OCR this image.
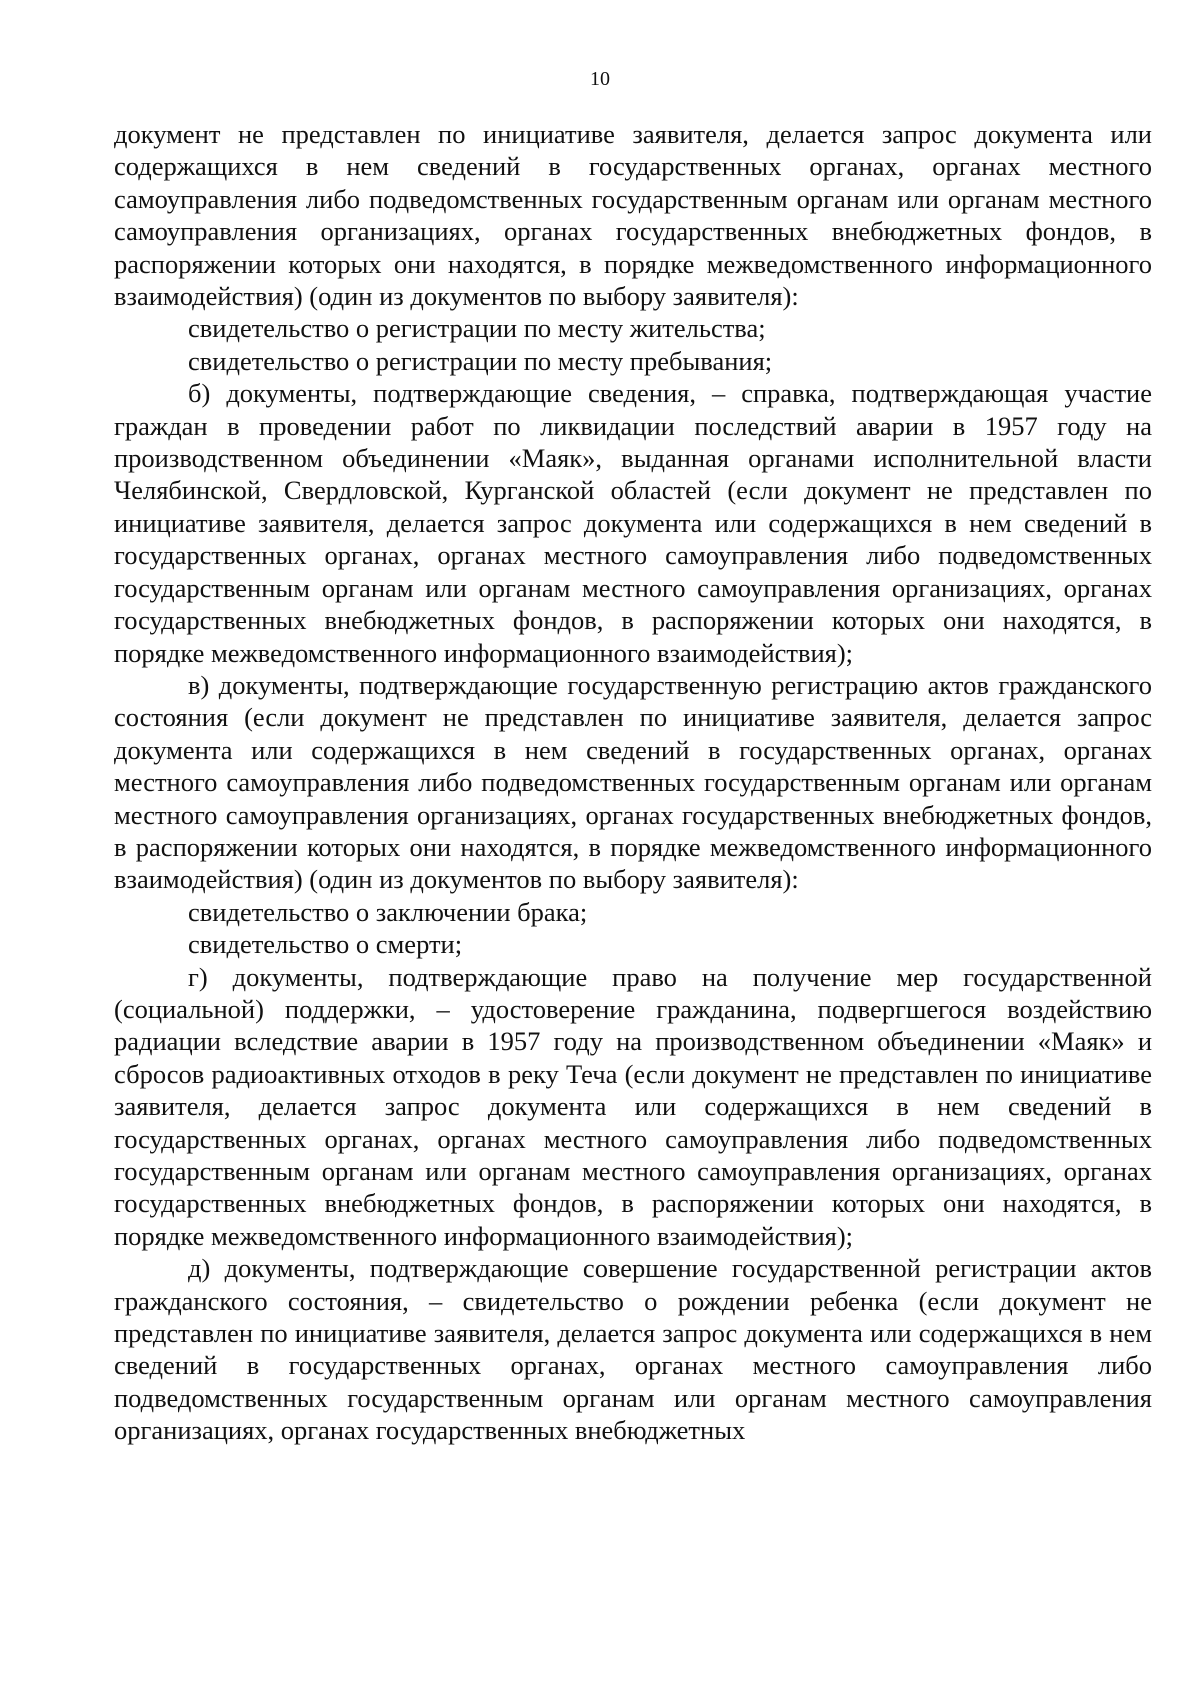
10

документ не представлен по инициативе заявителя, делается запрос документа или содержащихся в нем сведений в государственных органах, органах местного самоуправления либо подведомственных государственным органам или органам местного самоуправления организациях, органах государственных внебюджетных фондов, в распоряжении которых они находятся, в порядке межведомственного информационного взаимодействия) (один из документов по выбору заявителя):

свидетельство о регистрации по месту жительства;

свидетельство о регистрации по месту пребывания;

б) документы, подтверждающие сведения, – справка, подтверждающая участие граждан в проведении работ по ликвидации последствий аварии в 1957 году на производственном объединении «Маяк», выданная органами исполнительной власти Челябинской, Свердловской, Курганской областей (если документ не представлен по инициативе заявителя, делается запрос документа или содержащихся в нем сведений в государственных органах, органах местного самоуправления либо подведомственных государственным органам или органам местного самоуправления организациях, органах государственных внебюджетных фондов, в распоряжении которых они находятся, в порядке межведомственного информационного взаимодействия);

в) документы, подтверждающие государственную регистрацию актов гражданского состояния (если документ не представлен по инициативе заявителя, делается запрос документа или содержащихся в нем сведений в государственных органах, органах местного самоуправления либо подведомственных государственным органам или органам местного самоуправления организациях, органах государственных внебюджетных фондов, в распоряжении которых они находятся, в порядке межведомственного информационного взаимодействия) (один из документов по выбору заявителя):

свидетельство о заключении брака;

свидетельство о смерти;

г) документы, подтверждающие право на получение мер государственной (социальной) поддержки, – удостоверение гражданина, подвергшегося воздействию радиации вследствие аварии в 1957 году на производственном объединении «Маяк» и сбросов радиоактивных отходов в реку Теча (если документ не представлен по инициативе заявителя, делается запрос документа или содержащихся в нем сведений в государственных органах, органах местного самоуправления либо подведомственных государственным органам или органам местного самоуправления организациях, органах государственных внебюджетных фондов, в распоряжении которых они находятся, в порядке межведомственного информационного взаимодействия);

д) документы, подтверждающие совершение государственной регистрации актов гражданского состояния, – свидетельство о рождении ребенка (если документ не представлен по инициативе заявителя, делается запрос документа или содержащихся в нем сведений в государственных органах, органах местного самоуправления либо подведомственных государственным органам или органам местного самоуправления организациях, органах государственных внебюджетных
